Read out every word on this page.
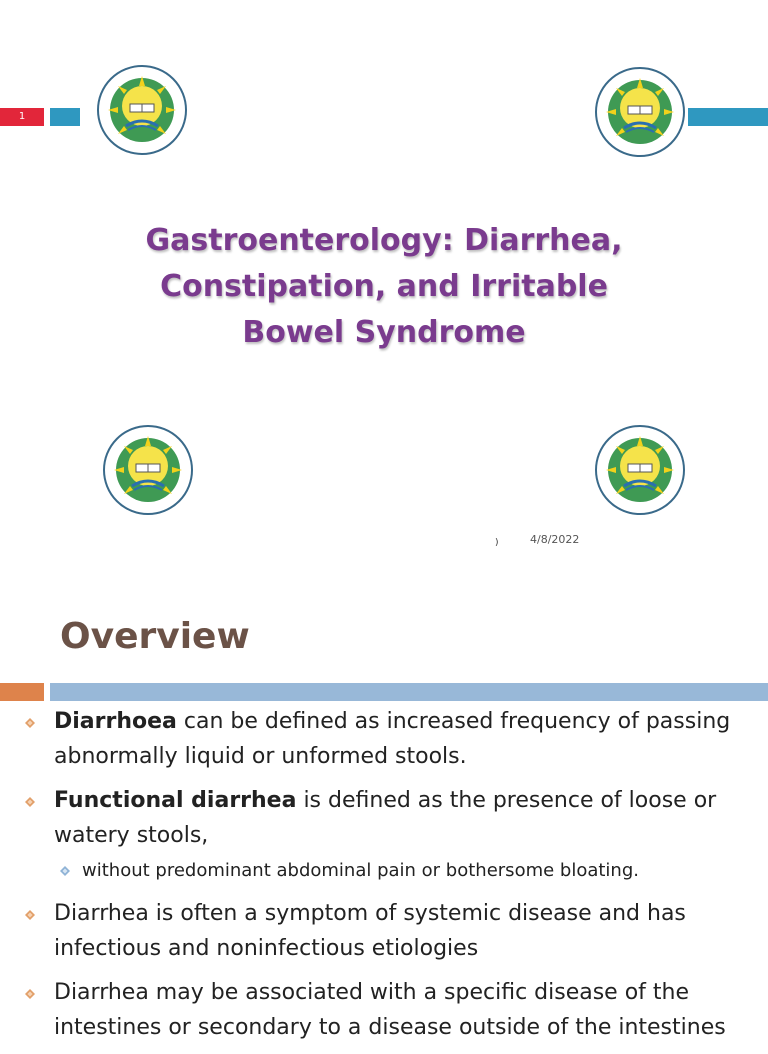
1
Gastroenterology: Diarrhea,
Constipation, and Irritable
Bowel Syndrome
)	4/8/2022
Overview
Diarrhoea can be defined as increased frequency of passing abnormally liquid or unformed stools.
Functional diarrhea is defined as the presence of loose or watery stools,
without predominant abdominal pain or bothersome bloating.
Diarrhea is often a symptom of systemic disease and has infectious and noninfectious etiologies
Diarrhea may be associated with a specific disease of the intestines or secondary to a disease outside of the intestines
